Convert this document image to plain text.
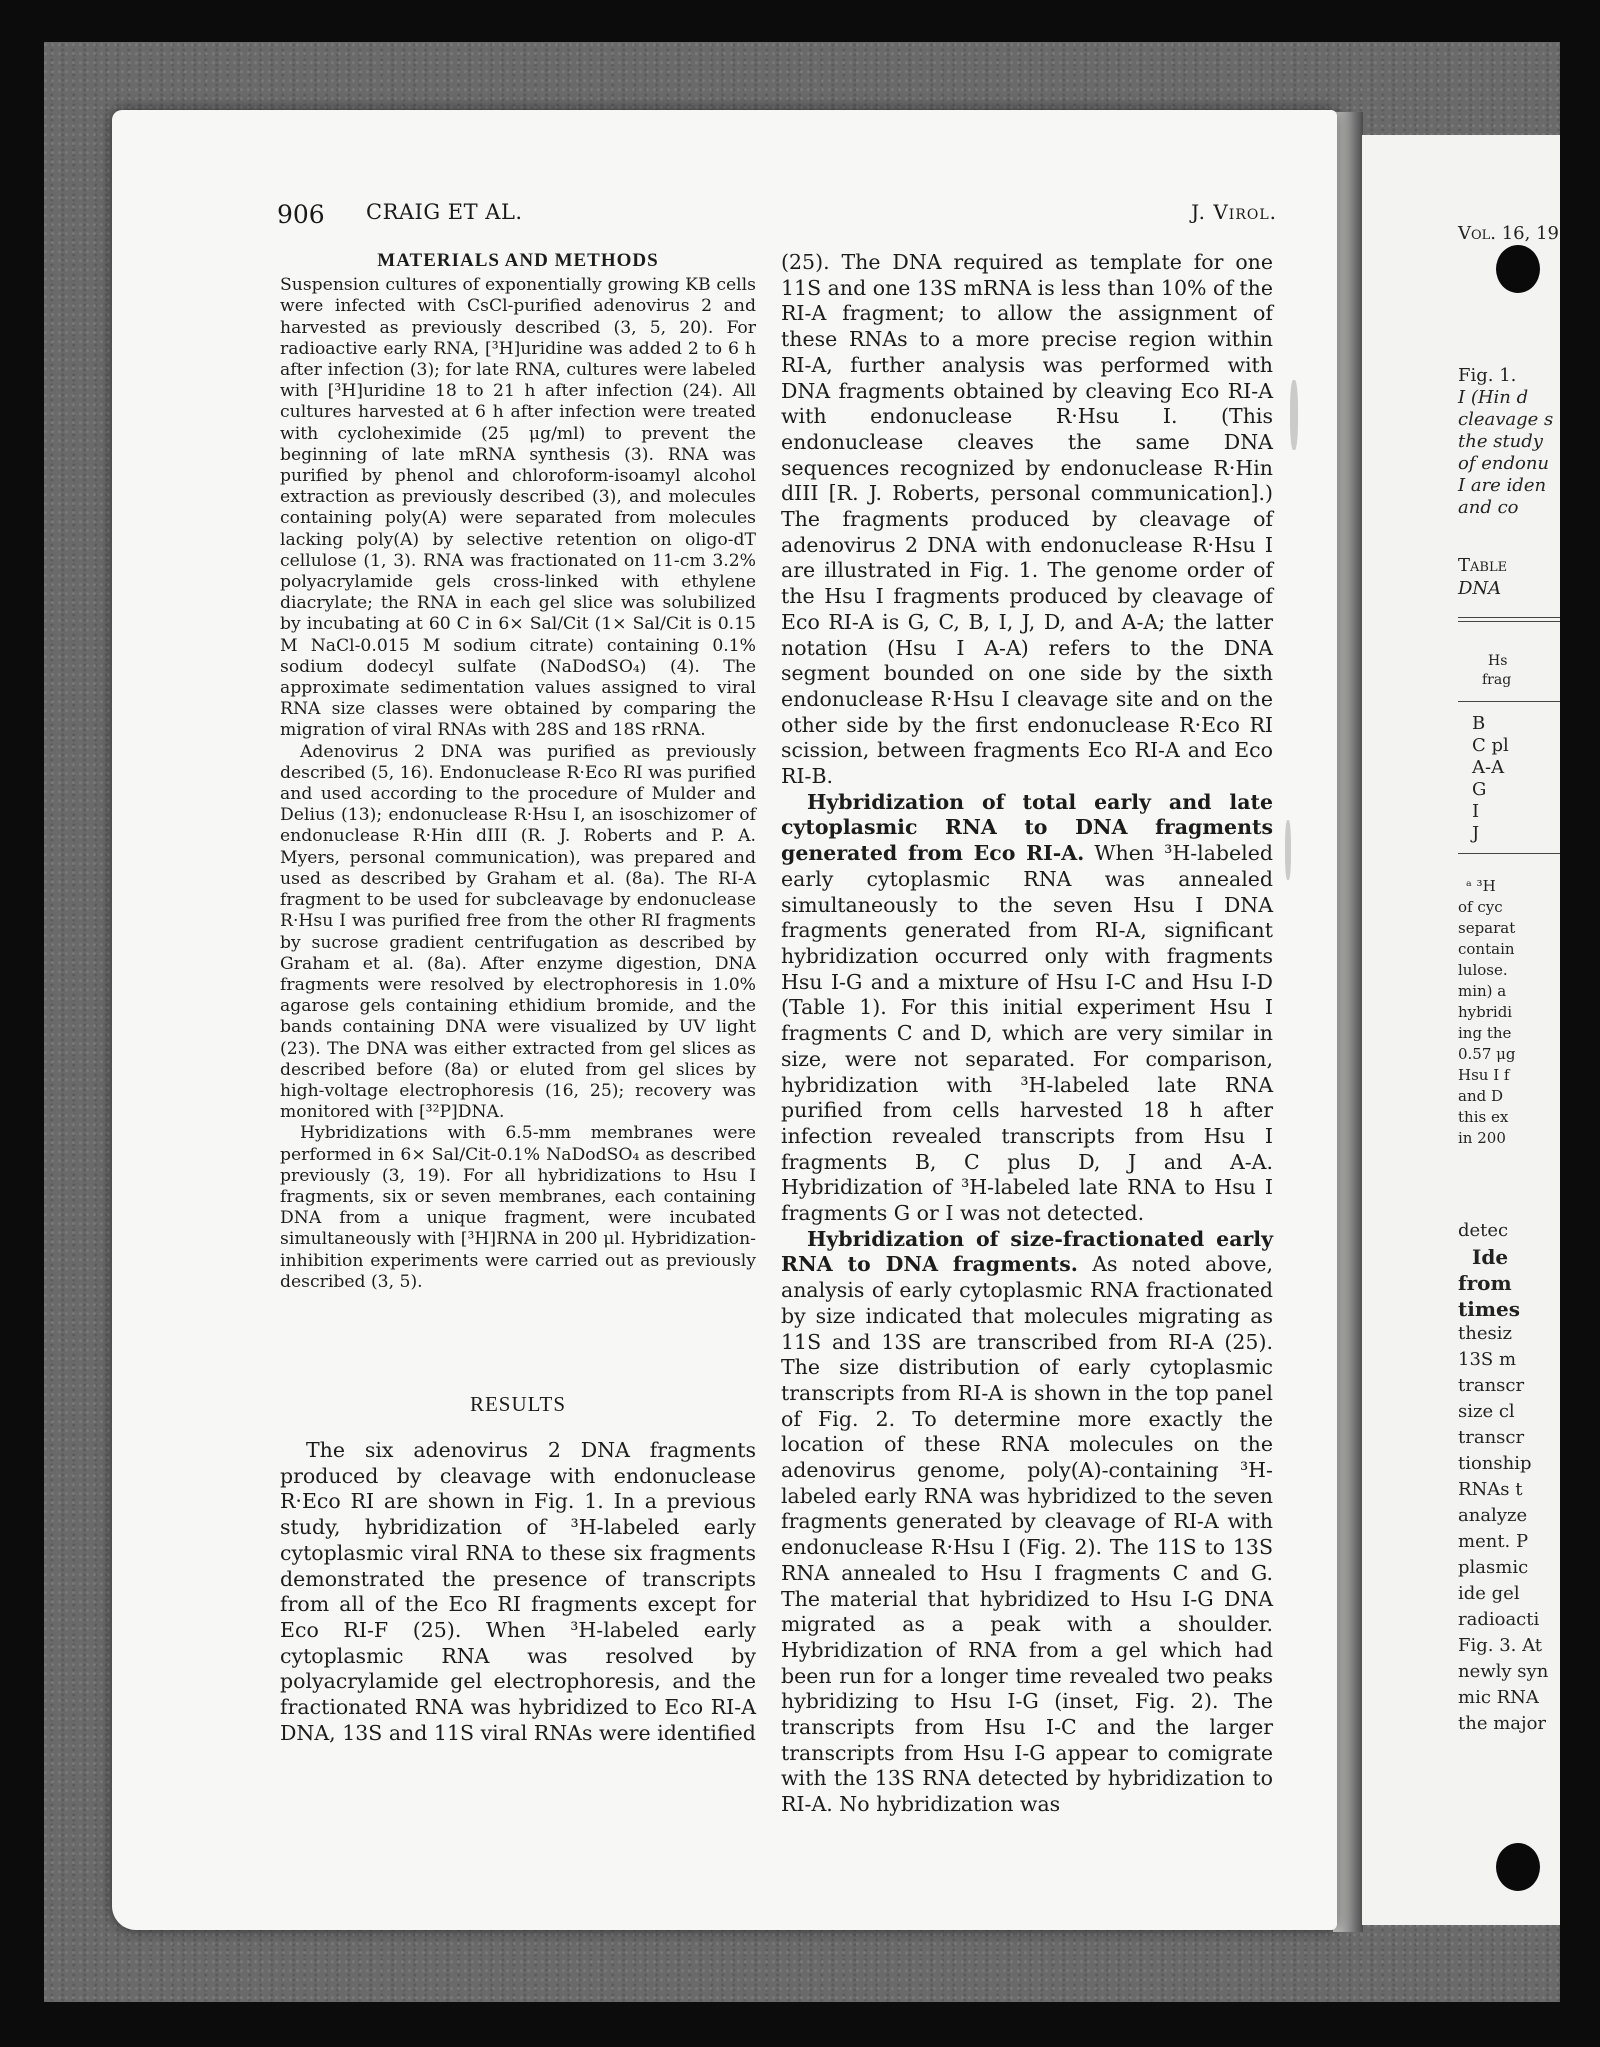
Vol. 16, 19
Fig. 1.
I (Hin d
cleavage s
the study
of endonu
I are iden
and co
Table
DNA
Hs
frag
B
C pl
A-A
G
I
J
ᵃ ³H
of cyc
separat
contain
lulose.
min) a
hybridi
ing the
0.57 μg
Hsu I f
and D
this ex
in 200
detec
Ide
from
times
thesiz
13S m
transcr
size cl
transcr
tionship
RNAs t
analyze
ment. P
plasmic
ide gel
radioacti
Fig. 3. At
newly syn
mic RNA
the major
906 CRAIG ET AL.	J. Virol.
MATERIALS AND METHODS

Suspension cultures of exponentially growing KB cells were infected with CsCl-purified adenovirus 2 and harvested as previously described (3, 5, 20). For radioactive early RNA, [³H]uridine was added 2 to 6 h after infection (3); for late RNA, cultures were labeled with [³H]uridine 18 to 21 h after infection (24). All cultures harvested at 6 h after infection were treated with cycloheximide (25 μg/ml) to prevent the beginning of late mRNA synthesis (3). RNA was purified by phenol and chloroform-isoamyl alcohol extraction as previously described (3), and molecules containing poly(A) were separated from molecules lacking poly(A) by selective retention on oligo-dT cellulose (1, 3). RNA was fractionated on 11-cm 3.2% polyacrylamide gels cross-linked with ethylene diacrylate; the RNA in each gel slice was solubilized by incubating at 60 C in 6× Sal/Cit (1× Sal/Cit is 0.15 M NaCl-0.015 M sodium citrate) containing 0.1% sodium dodecyl sulfate (NaDodSO₄) (4). The approximate sedimentation values assigned to viral RNA size classes were obtained by comparing the migration of viral RNAs with 28S and 18S rRNA.

Adenovirus 2 DNA was purified as previously described (5, 16). Endonuclease R·Eco RI was purified and used according to the procedure of Mulder and Delius (13); endonuclease R·Hsu I, an isoschizomer of endonuclease R·Hin dIII (R. J. Roberts and P. A. Myers, personal communication), was prepared and used as described by Graham et al. (8a). The RI-A fragment to be used for subcleavage by endonuclease R·Hsu I was purified free from the other RI fragments by sucrose gradient centrifugation as described by Graham et al. (8a). After enzyme digestion, DNA fragments were resolved by electrophoresis in 1.0% agarose gels containing ethidium bromide, and the bands containing DNA were visualized by UV light (23). The DNA was either extracted from gel slices as described before (8a) or eluted from gel slices by high-voltage electrophoresis (16, 25); recovery was monitored with [³²P]DNA.

Hybridizations with 6.5-mm membranes were performed in 6× Sal/Cit-0.1% NaDodSO₄ as described previously (3, 19). For all hybridizations to Hsu I fragments, six or seven membranes, each containing DNA from a unique fragment, were incubated simultaneously with [³H]RNA in 200 μl. Hybridization-inhibition experiments were carried out as previously described (3, 5).

RESULTS

The six adenovirus 2 DNA fragments produced by cleavage with endonuclease R·Eco RI are shown in Fig. 1. In a previous study, hybridization of ³H-labeled early cytoplasmic viral RNA to these six fragments demonstrated the presence of transcripts from all of the Eco RI fragments except for Eco RI-F (25). When ³H-labeled early cytoplasmic RNA was resolved by polyacrylamide gel electrophoresis, and the fractionated RNA was hybridized to Eco RI-A DNA, 13S and 11S viral RNAs were identified

(25). The DNA required as template for one 11S and one 13S mRNA is less than 10% of the RI-A fragment; to allow the assignment of these RNAs to a more precise region within RI-A, further analysis was performed with DNA fragments obtained by cleaving Eco RI-A with endonuclease R·Hsu I. (This endonuclease cleaves the same DNA sequences recognized by endonuclease R·Hin dIII [R. J. Roberts, personal communication].) The fragments produced by cleavage of adenovirus 2 DNA with endonuclease R·Hsu I are illustrated in Fig. 1. The genome order of the Hsu I fragments produced by cleavage of Eco RI-A is G, C, B, I, J, D, and A-A; the latter notation (Hsu I A-A) refers to the DNA segment bounded on one side by the sixth endonuclease R·Hsu I cleavage site and on the other side by the first endonuclease R·Eco RI scission, between fragments Eco RI-A and Eco RI-B.

Hybridization of total early and late cytoplasmic RNA to DNA fragments generated from Eco RI-A. When ³H-labeled early cytoplasmic RNA was annealed simultaneously to the seven Hsu I DNA fragments generated from RI-A, significant hybridization occurred only with fragments Hsu I-G and a mixture of Hsu I-C and Hsu I-D (Table 1). For this initial experiment Hsu I fragments C and D, which are very similar in size, were not separated. For comparison, hybridization with ³H-labeled late RNA purified from cells harvested 18 h after infection revealed transcripts from Hsu I fragments B, C plus D, J and A-A. Hybridization of ³H-labeled late RNA to Hsu I fragments G or I was not detected.

Hybridization of size-fractionated early RNA to DNA fragments. As noted above, analysis of early cytoplasmic RNA fractionated by size indicated that molecules migrating as 11S and 13S are transcribed from RI-A (25). The size distribution of early cytoplasmic transcripts from RI-A is shown in the top panel of Fig. 2. To determine more exactly the location of these RNA molecules on the adenovirus genome, poly(A)-containing ³H-labeled early RNA was hybridized to the seven fragments generated by cleavage of RI-A with endonuclease R·Hsu I (Fig. 2). The 11S to 13S RNA annealed to Hsu I fragments C and G. The material that hybridized to Hsu I-G DNA migrated as a peak with a shoulder. Hybridization of RNA from a gel which had been run for a longer time revealed two peaks hybridizing to Hsu I-G (inset, Fig. 2). The transcripts from Hsu I-C and the larger transcripts from Hsu I-G appear to comigrate with the 13S RNA detected by hybridization to RI-A. No hybridization was
